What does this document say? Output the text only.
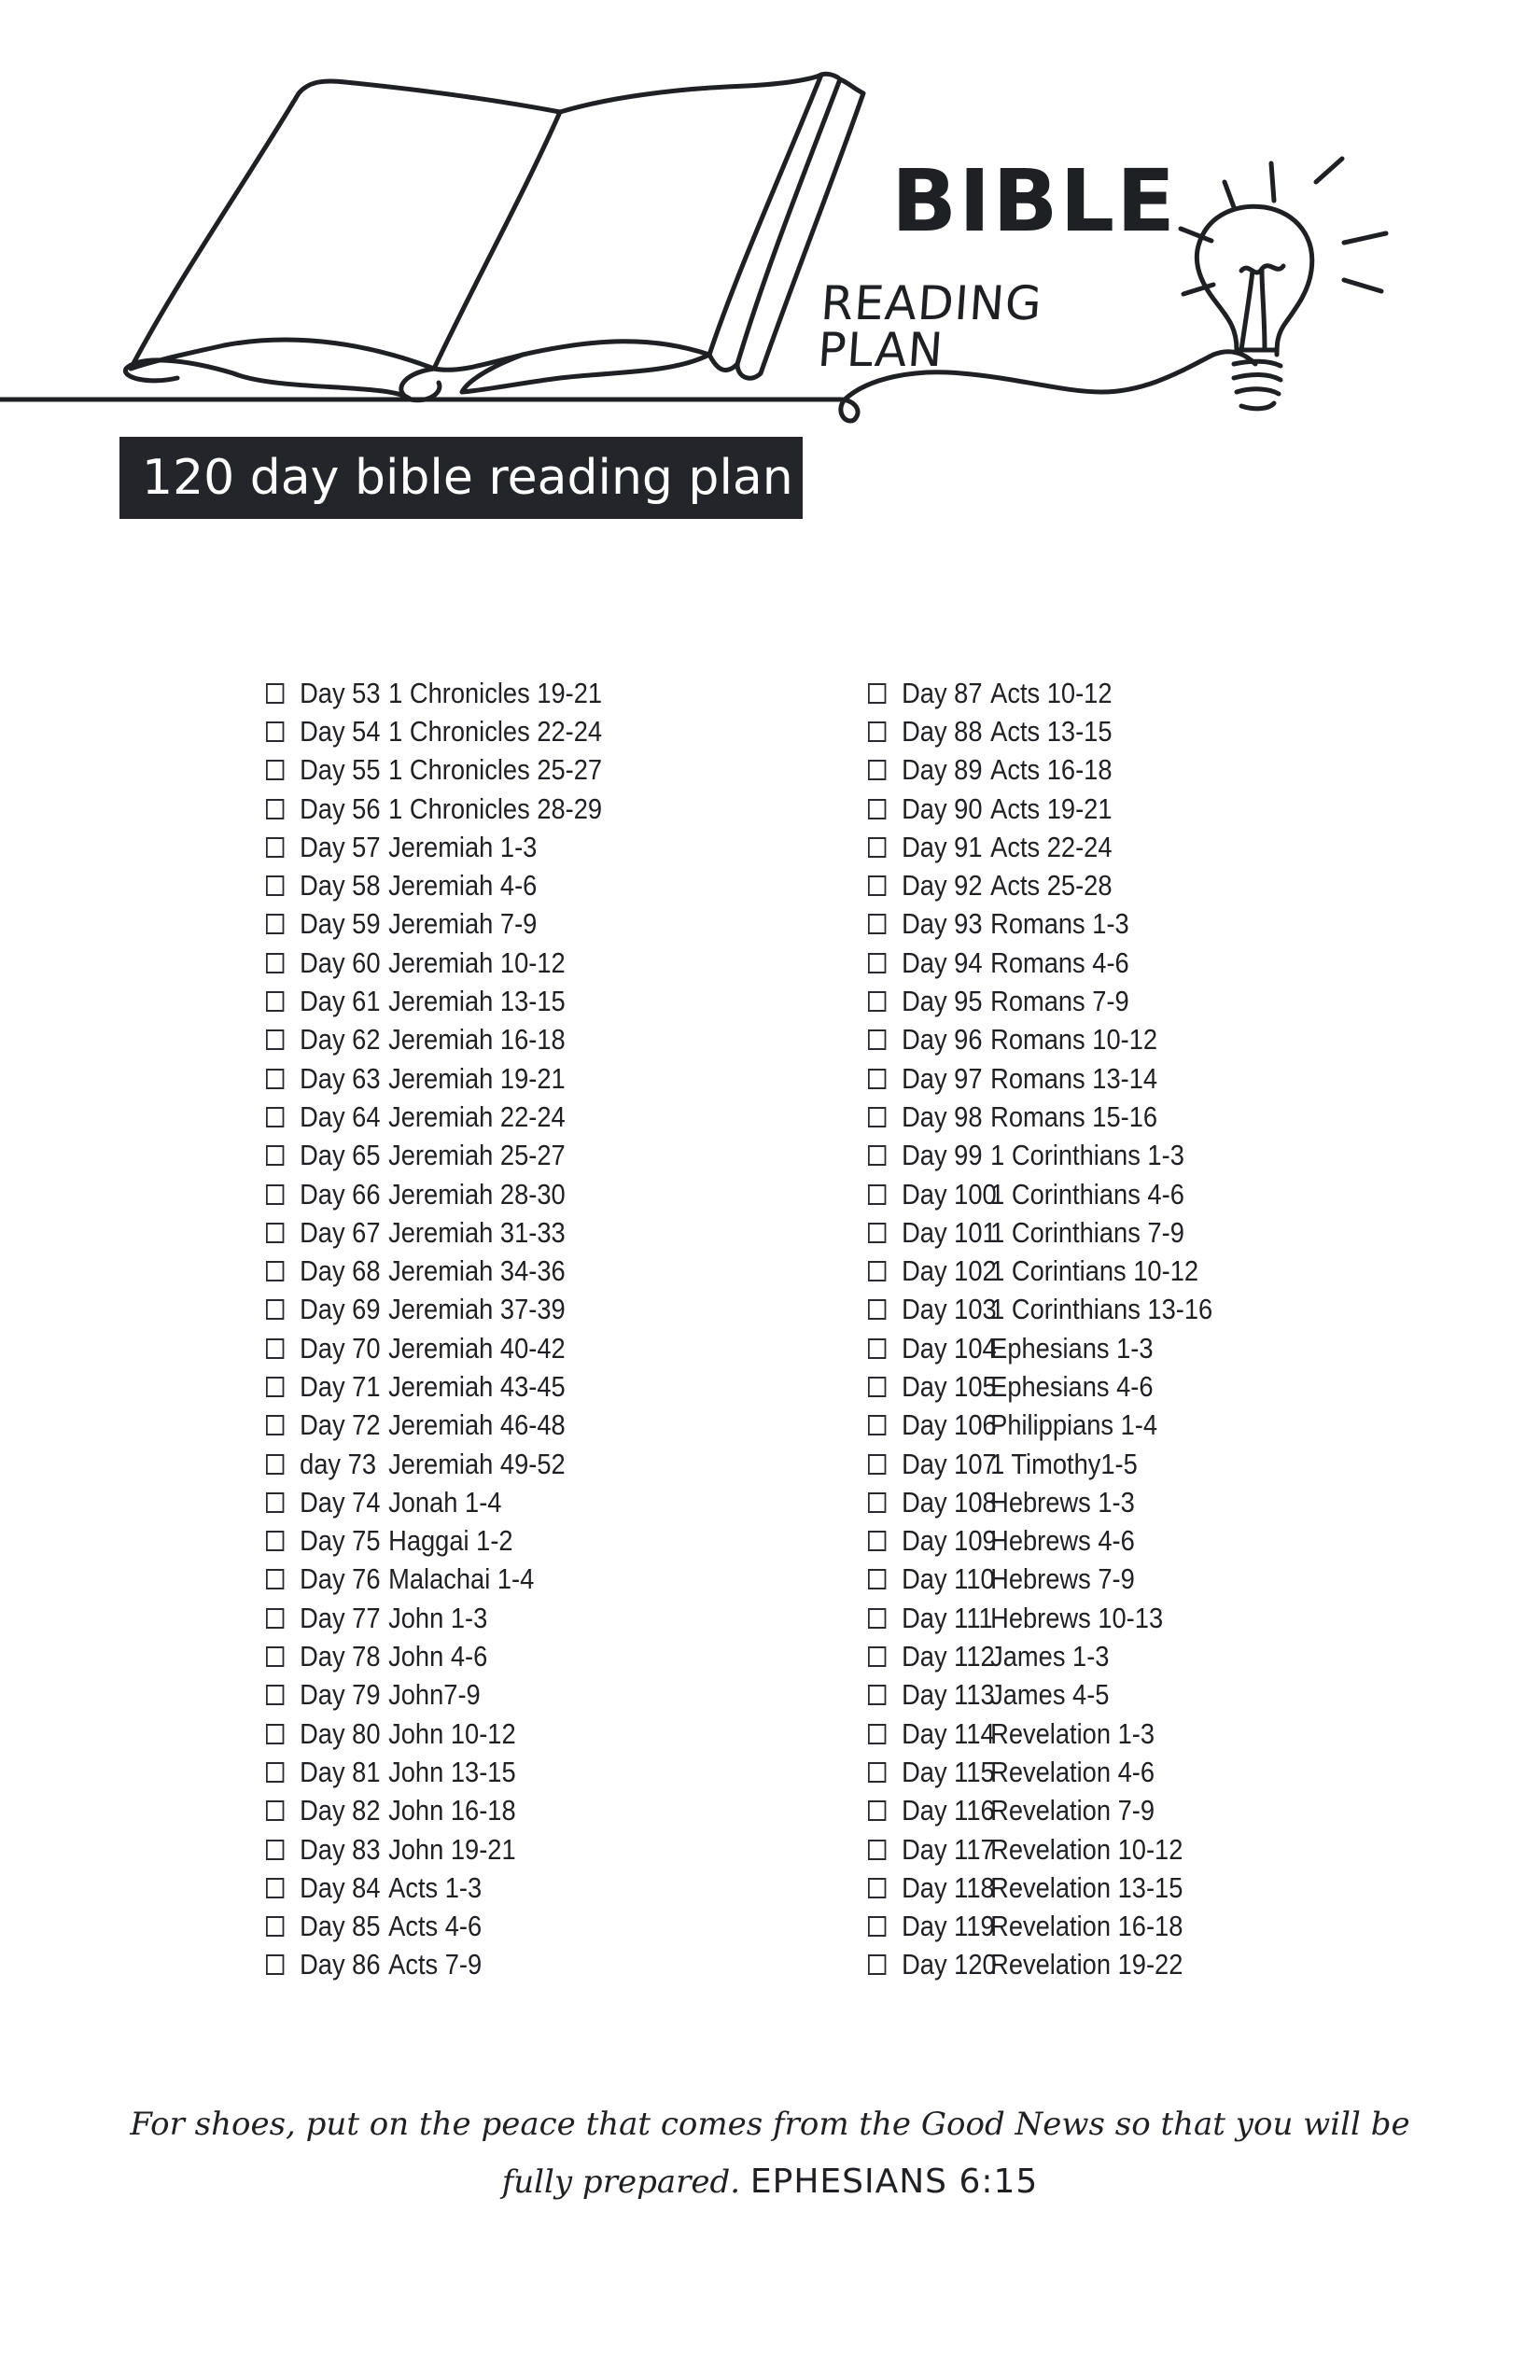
BIBLE
READING PLAN
120 day bible reading plan
Day 53 1 Chronicles 19-21
Day 54 1 Chronicles 22-24
Day 55 1 Chronicles 25-27
Day 56 1 Chronicles 28-29
Day 57 Jeremiah 1-3
Day 58 Jeremiah 4-6
Day 59 Jeremiah 7-9
Day 60 Jeremiah 10-12
Day 61 Jeremiah 13-15
Day 62 Jeremiah 16-18
Day 63 Jeremiah 19-21
Day 64 Jeremiah 22-24
Day 65 Jeremiah 25-27
Day 66 Jeremiah 28-30
Day 67 Jeremiah 31-33
Day 68 Jeremiah 34-36
Day 69 Jeremiah 37-39
Day 70 Jeremiah 40-42
Day 71 Jeremiah 43-45
Day 72 Jeremiah 46-48
day 73 Jeremiah 49-52
Day 74 Jonah 1-4
Day 75 Haggai 1-2
Day 76 Malachai 1-4
Day 77 John 1-3
Day 78 John 4-6
Day 79 John7-9
Day 80 John 10-12
Day 81 John 13-15
Day 82 John 16-18
Day 83 John 19-21
Day 84 Acts 1-3
Day 85 Acts 4-6
Day 86 Acts 7-9
Day 87 Acts 10-12
Day 88 Acts 13-15
Day 89 Acts 16-18
Day 90 Acts 19-21
Day 91 Acts 22-24
Day 92 Acts 25-28
Day 93 Romans 1-3
Day 94 Romans 4-6
Day 95 Romans 7-9
Day 96 Romans 10-12
Day 97 Romans 13-14
Day 98 Romans 15-16
Day 99 1 Corinthians 1-3
Day 100
1 Corinthians 4-6
Day 101
1 Corinthians 7-9
Day 102
1 Corintians 10-12
Day 103
1 Corinthians 13-16
Day 104
Ephesians 1-3
Day 105
Ephesians 4-6
Day 106
Philippians 1-4
Day 107
1 Timothy1-5
Day 108
Hebrews 1-3
Day 109
Hebrews 4-6
Day 110
Hebrews 7-9
Day 111
Hebrews 10-13
Day 112
James 1-3
Day 113
James 4-5
Day 114
Revelation 1-3
Day 115
Revelation 4-6
Day 116
Revelation 7-9
Day 117
Revelation 10-12
Day 118
Revelation 13-15
Day 119
Revelation 16-18
Day 120
Revelation 19-22
For shoes, put on the peace that comes from the Good News so that you will be
fully prepared. EPHESIANS 6:15
